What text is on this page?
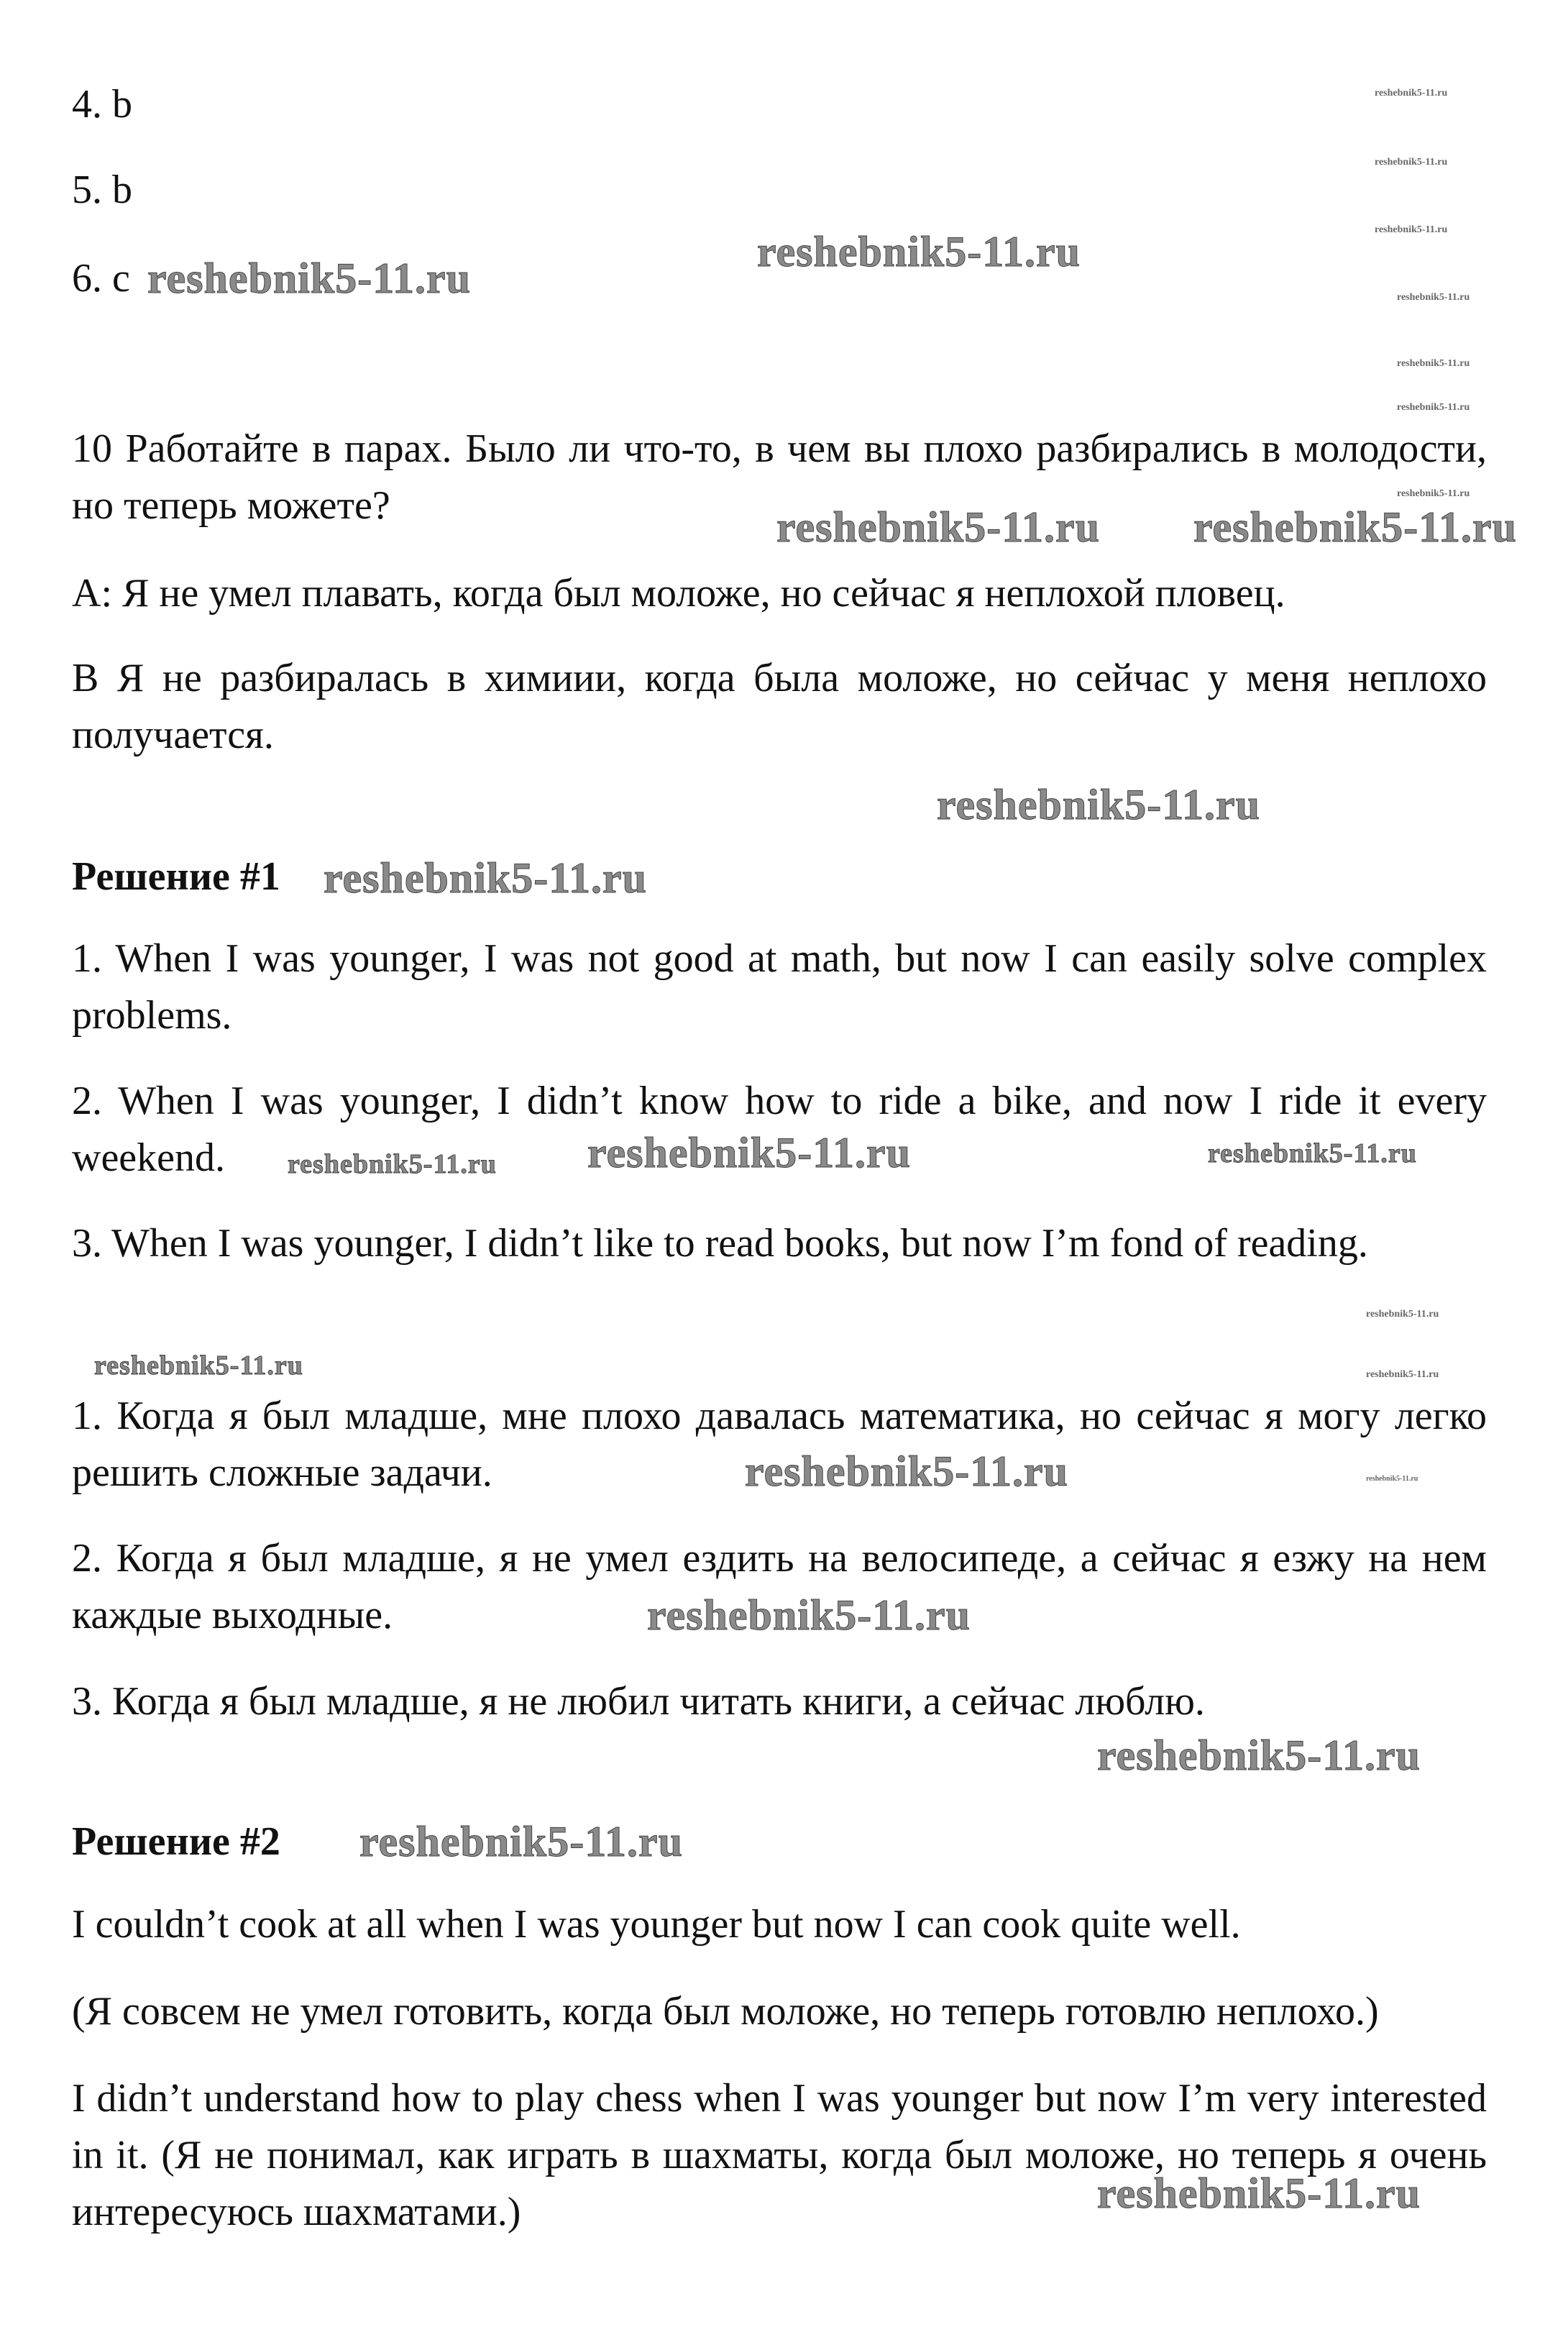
4. b

5. b

6. c

10 Работайте в парах. Было ли что-то, в чем вы плохо разбирались в молодости, но теперь можете?

А: Я не умел плавать, когда был моложе, но сейчас я неплохой пловец.

В Я не разбиралась в химиии, когда была моложе, но сейчас у меня неплохо получается.

Решение #1

1. When I was younger, I was not good at math, but now I can easily solve complex problems.

2. When I was younger, I didn’t know how to ride a bike, and now I ride it every weekend.

3. When I was younger, I didn’t like to read books, but now I’m fond of reading.

1. Когда я был младше, мне плохо давалась математика, но сейчас я могу легко решить сложные задачи.

2. Когда я был младше, я не умел ездить на велосипеде, а сейчас я езжу на нем каждые выходные.

3. Когда я был младше, я не любил читать книги, а сейчас люблю.

Решение #2

I couldn’t cook at all when I was younger but now I can cook quite well.

(Я совсем не умел готовить, когда был моложе, но теперь готовлю неплохо.)

I didn’t understand how to play chess when I was younger but now I’m very interested in it. (Я не понимал, как играть в шахматы, когда был моложе, но теперь я очень интересуюсь шахматами.)

reshebnik5-11.ru
reshebnik5-11.ru
reshebnik5-11.ru reshebnik5-11.ru
reshebnik5-11.ru
reshebnik5-11.ru
reshebnik5-11.ru
reshebnik5-11.ru
reshebnik5-11.ru
reshebnik5-11.ru
reshebnik5-11.ru
reshebnik5-11.ru
reshebnik5-11.ru	reshebnik5-11.ru
reshebnik5-11.ru
reshebnik5-11.ru
reshebnik5-11.ru
reshebnik5-11.ru
reshebnik5-11.ru
reshebnik5-11.ru
reshebnik5-11.ru
reshebnik5-11.ru
reshebnik5-11.ru
reshebnik5-11.ru
reshebnik5-11.ru
